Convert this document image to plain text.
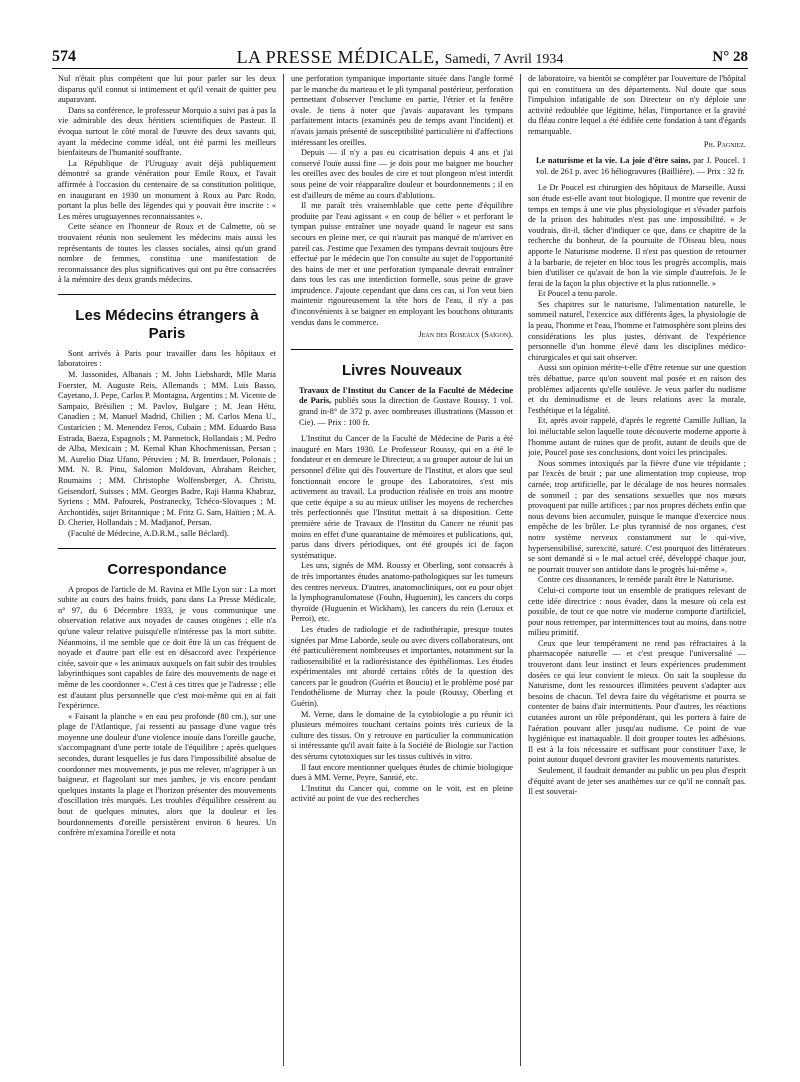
574	LA PRESSE MÉDICALE, Samedi, 7 Avril 1934	N° 28

Nul n'était plus compétent que lui pour parler sur les deux disparus qu'il connut si intimement et qu'il venait de quitter peu auparavant.

Dans sa conférence, le professeur Morquio a suivi pas à pas la vie admirable des deux héritiers scientifiques de Pasteur. Il évoqua surtout le côté moral de l'œuvre des deux savants qui, ayant la médecine comme idéal, ont été parmi les meilleurs bienfaiteurs de l'humanité souffrante.

La République de l'Uruguay avait déjà publiquement démontré sa grande vénération pour Emile Roux, et l'avait affirmée à l'occasion du centenaire de sa constitution politique, en inaugurant en 1930 un monument à Roux au Parc Rodo, portant la plus belle des légendes qui y pouvait être inscrite : « Les mères uruguayennes reconnaissantes ».

Cette séance en l'honneur de Roux et de Calmette, où se trouvaient réunis non seulement les médecins mais aussi les représentants de toutes les classes sociales, ainsi qu'un grand nombre de femmes, constitua une manifestation de reconnaissance des plus significatives qui ont pu être consacrées à la mémoire des deux grands médecins.

Les Médecins étrangers à Paris

Sont arrivés à Paris pour travailler dans les hôpitaux et laboratoires :

M. Jassonides, Albanais ; M. John Liebshardt, Mlle Maria Foerster, M. Auguste Reis, Allemands ; MM. Luis Basso, Cayetano, J. Pepe, Carlos P. Montagna, Argentins ; M. Vicente de Sampaio, Brésilien ; M. Pavlov, Bulgare ; M. Jean Hétu, Canadien ; M. Manuel Madrid, Chilien ; M. Carlos Mena U., Costaricien ; M. Menendez Feros, Cubain ; MM. Eduardo Basa Estrada, Baeza, Espagnols ; M. Pannetock, Hollandais ; M. Pedro de Alba, Mexicain ; M. Kemal Khan Khochmenissan, Persan ; M. Aurelio Diaz Ufano, Péruvien ; M. B. Imerdauer, Polonais ; MM. N. R. Pinu, Salomon Moldovan, Abraham Reicher, Roumains ; MM. Christophe Wolfensberger, A. Christu, Geisendorf, Suisses ; MM. Georges Badre, Raji Hanna Khabraz, Syriens ; MM. Pafourek, Postranecky, Tchéco-Slovaques ; M. Archontidès, sujet Britannique ; M. Fritz G. Sam, Haïtien ; M. A. D. Cherier, Hollandais ; M. Madjanof, Persan.

(Faculté de Médecine, A.D.R.M., salle Béclard).

Correspondance

A propos de l'article de M. Ravina et Mlle Lyon sur : La mort subite au cours des bains froids, paru dans La Presse Médicale, n° 97, du 6 Décembre 1933, je vous communique une observation relative aux noyades de causes otogènes ; elle n'a qu'une valeur relative puisqu'elle n'intéresse pas la mort subite. Néanmoins, il me semble que ce doit être là un cas fréquent de noyade et d'autre part elle est en désaccord avec l'expérience citée, savoir que « les animaux auxquels on fait subir des troubles labyrinthiques sont capables de faire des mouvements de nage et même de les coordonner ». C'est à ces titres que je l'adresse ; elle est d'autant plus personnelle que c'est moi-même qui en ai fait l'expérience.

« Faisant la planche » en eau peu profonde (80 cm.), sur une plage de l'Atlantique, j'ai ressenti au passage d'une vague très moyenne une douleur d'une violence inouïe dans l'oreille gauche, s'accompagnant d'une perte totale de l'équilibre ; après quelques secondes, durant lesquelles je fus dans l'impossibilité absolue de coordonner mes mouvements, je pus me relever, m'agripper à un baigneur, et flageolant sur mes jambes, je vis encore pendant quelques instants la plage et l'horizon présenter des mouvements d'oscillation très marqués. Les troubles d'équilibre cessèrent au bout de quelques minutes, alors que la douleur et les bourdonnements d'oreille persistèrent environ 6 heures. Un confrère m'examina l'oreille et nota

une perforation tympanique importante située dans l'angle formé par le manche du marteau et le pli tympanal postérieur, perforation permettant d'observer l'enclume en partie, l'étrier et la fenêtre ovale. Je tiens à noter que j'avais auparavant les tympans parfaitement intacts (examinés peu de temps avant l'incident) et n'avais jamais présenté de susceptibilité particulière ni d'affections intéressant les oreilles.

Depuis — il n'y a pas eu cicatrisation depuis 4 ans et j'ai conservé l'ouïe aussi fine — je dois pour me baigner me boucher les oreilles avec des boules de cire et tout plongeon m'est interdit sous peine de voir réapparaître douleur et bourdonnements ; il en est d'ailleurs de même au cours d'ablutions.

Il me paraît très vraisemblable que cette perte d'équilibre produite par l'eau agissant « en coup de bélier » et perforant le tympan puisse entraîner une noyade quand le nageur est sans secours en pleine mer, ce qui n'aurait pas manqué de m'arriver en pareil cas. J'estime que l'examen des tympans devrait toujours être effectué par le médecin que l'on consulte au sujet de l'opportunité des bains de mer et une perforation tympanale devrait entraîner dans tous les cas une interdiction formelle, sous peine de grave imprudence. J'ajoute cependant que dans ces cas, si l'on veut bien maintenir rigoureusement la tête hors de l'eau, il n'y a pas d'inconvénients à se baigner en employant les bouchons obturants vendus dans le commerce.

Jean des Roseaux (Saïgon).

Livres Nouveaux

Travaux de l'Institut du Cancer de la Faculté de Médecine de Paris, publiés sous la direction de Gustave Roussy. 1 vol. grand in-8° de 372 p. avec nombreuses illustrations (Masson et Cie). — Prix : 100 fr.

L'Institut du Cancer de la Faculté de Médecine de Paris a été inauguré en Mars 1930. Le Professeur Roussy, qui en a été le fondateur et en demeure le Directeur, a su grouper autour de lui un personnel d'élite qui dès l'ouverture de l'Institut, et alors que seul fonctionnait encore le groupe des Laboratoires, s'est mis activement au travail. La production réalisée en trois ans montre que cette équipe a su au mieux utiliser les moyens de recherches très perfectionnés que l'Institut mettait à sa disposition. Cette première série de Travaux de l'Institut du Cancer ne réunit pas moins en effet d'une quarantaine de mémoires et publications, qui, parus dans divers périodiques, ont été groupés ici de façon systématique.

Les uns, signés de MM. Roussy et Oberling, sont consacrés à de très importantes études anatomo-pathologiques sur les tumeurs des centres nerveux. D'autres, anatomocliniques, ont eu pour objet la lymphogranulomatose (Fouhn, Huguenin), les cancers du corps thyroïde (Huguenin et Wickham), les cancers du rein (Leroux et Perroi), etc.

Les études de radiologie et de radiothérapie, presque toutes signées par Mme Laborde, seule ou avec divers collaborateurs, ont été particulièrement nombreuses et importantes, notamment sur la radiosensibilité et la radiorésistance des épithéliomas. Les études expérimentales ont abordé certains côtés de la question des cancers par le goudron (Guérin et Bouciu) et le problème posé par l'endothéliome de Murray chez la poule (Roussy, Oberling et Guérin).

M. Verne, dans le domaine de la cytobiologie a pu réunir ici plusieurs mémoires touchant certains points très curieux de la culture des tissus. On y retrouve en particulier la communication si intéressante qu'il avait faite à la Société de Biologie sur l'action des sérums cytotoxiques sur les tissus cultivés in vitro.

Il faut encore mentionner quelques études de chimie biologique dues à MM. Verne, Peyre, Sannié, etc.

L'Institut du Cancer qui, comme on le voit, est en pleine activité au point de vue des recherches

de laboratoire, va bientôt se compléter par l'ouverture de l'hôpital qui en constituera un des départements. Nul doute que sous l'impulsion infatigable de son Directeur on n'y déploie une activité redoublée que légitime, hélas, l'importance et la gravité du fléau contre lequel a été édifiée cette fondation à tant d'égards remarquable.

Ph. Pagniez.

Le naturisme et la vie. La joie d'être sains, par J. Poucel. 1 vol. de 261 p. avec 16 héliogravures (Baillière). — Prix : 32 fr.

Le Dr Poucel est chirurgien des hôpitaux de Marseille. Aussi son étude est-elle avant tout biologique. Il montre que revenir de temps en temps à une vie plus physiologique et s'évader parfois de la prison des habitudes n'est pas une impossibilité. « Je voudrais, dit-il, tâcher d'indiquer ce que, dans ce chapitre de la recherche du bonheur, de la poursuite de l'Oiseau bleu, nous apporte le Naturisme moderne. Il n'est pas question de retourner à la barbarie, de rejeter en bloc tous les progrès accomplis, mais bien d'utiliser ce qu'avait de bon la vie simple d'autrefois. Je le ferai de la façon la plus objective et la plus rationnelle. »

Et Poucel a tenu parole.

Ses chapitres sur le naturisme, l'alimentation naturelle, le sommeil naturel, l'exercice aux différents âges, la physiologie de la peau, l'homme et l'eau, l'homme et l'atmosphère sont pleins des considérations les plus justes, dérivant de l'expérience personnelle d'un homme élevé dans les disciplines médico-chirurgicales et qui sait observer.

Aussi son opinion mérite-t-elle d'être retenue sur une question très débattue, parce qu'on souvent mal posée et en raison des problèmes adjacents qu'elle soulève. Je veux parler du nudisme et du deminudisme et de leurs relations avec la morale, l'esthétique et la légalité.

Et, après avoir rappelé, d'après le regretté Camille Jullian, la loi inéluctable selon laquelle toute découverte moderne apporte à l'homme autant de ruines que de profit, autant de deuils que de joie, Poucel pose ses conclusions, dont voici les principales.

Nous sommes intoxiqués par la fièvre d'une vie trépidante ; par l'excès de bruit ; par une alimentation trop copieuse, trop carnée, trop artificielle, par le décalage de nos heures normales de sommeil ; par des sensations sexuelles que nos mœurs provoquent par mille artifices ; par nos propres déchets enfin que nous devons bien accumuler, puisque le manque d'exercice nous empêche de les brûler. Le plus tyrannisé de nos organes, c'est notre système nerveux constamment sur le qui-vive, hypersensibilisé, surexcité, saturé. C'est pourquoi des littérateurs se sont demandé si « le mal actuel créé, développé chaque jour, ne pourrait trouver son antidote dans le progrès lui-même ».

Contre ces dissonances, le remède paraît être le Naturisme.

Celui-ci comporte tout un ensemble de pratiques relevant de cette idée directrice : nous évader, dans la mesure où cela est possible, de tout ce que notre vie moderne comporte d'artificiel, pour nous retremper, par intermittences tout au moins, dans notre milieu primitif.

Ceux que leur tempérament ne rend pas réfractaires à la pharmacopée naturelle — et c'est presque l'universalité — trouveront dans leur instinct et leurs expériences prudemment dosées ce qui leur convient le mieux. On sait la souplesse du Naturisme, dont les ressources illimitées peuvent s'adapter aux besoins de chacun. Tel devra faire du végétarisme et pourra se contenter de bains d'air intermittents. Pour d'autres, les réactions cutanées auront un rôle prépondérant, qui les portera à faire de l'aération pouvant aller jusqu'au nudisme. Ce point de vue hygiénique est inattaquable. Il doit grouper toutes les adhésions. Il est à la fois nécessaire et suffisant pour constituer l'axe, le point autour duquel devront graviter les mouvements naturistes.

Seulement, il faudrait demander au public un peu plus d'esprit d'équité avant de jeter ses anathèmes sur ce qu'il ne connaît pas. Il est souverai-
